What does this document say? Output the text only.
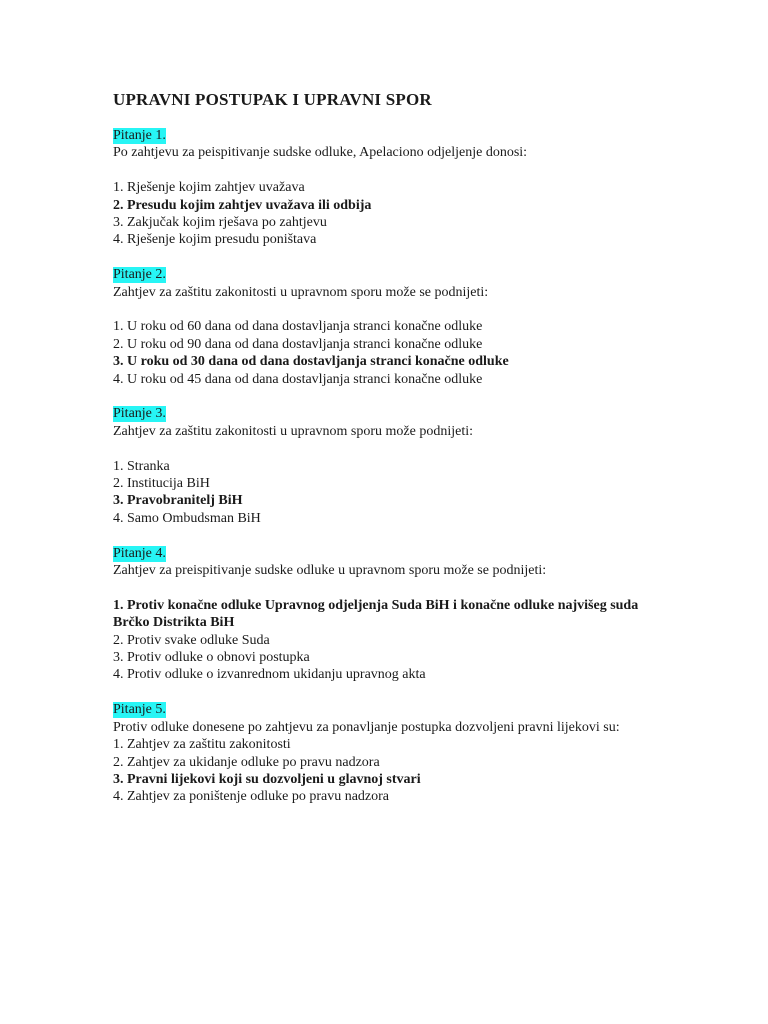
UPRAVNI POSTUPAK I UPRAVNI SPOR
Pitanje 1.
Po zahtjevu za peispitivanje sudske odluke, Apelaciono odjeljenje donosi:
1. Rješenje kojim zahtjev uvažava
2. Presudu kojim zahtjev uvažava ili odbija
3. Zakjučak kojim rješava po zahtjevu
4. Rješenje kojim presudu poništava
Pitanje 2.
Zahtjev za zaštitu zakonitosti u upravnom sporu može se podnijeti:
1. U roku od 60 dana od dana dostavljanja stranci konačne odluke
2. U roku od 90 dana od dana dostavljanja stranci konačne odluke
3. U roku od 30 dana od dana dostavljanja stranci konačne odluke
4. U roku od 45 dana od dana dostavljanja stranci konačne odluke
Pitanje 3.
Zahtjev za zaštitu zakonitosti u upravnom sporu može podnijeti:
1. Stranka
2. Institucija BiH
3. Pravobranitelj BiH
4. Samo Ombudsman BiH
Pitanje 4.
Zahtjev za preispitivanje sudske odluke u upravnom sporu može se podnijeti:
1. Protiv konačne odluke Upravnog odjeljenja Suda BiH i konačne odluke najvišeg suda Brčko Distrikta BiH
2. Protiv svake odluke Suda
3. Protiv odluke o obnovi postupka
4. Protiv odluke o izvanrednom ukidanju upravnog akta
Pitanje 5.
Protiv odluke donesene po zahtjevu za ponavljanje postupka dozvoljeni pravni lijekovi su:
1. Zahtjev za zaštitu zakonitosti
2. Zahtjev za ukidanje odluke po pravu nadzora
3. Pravni lijekovi koji su dozvoljeni u glavnoj stvari
4. Zahtjev za poništenje odluke po pravu nadzora
